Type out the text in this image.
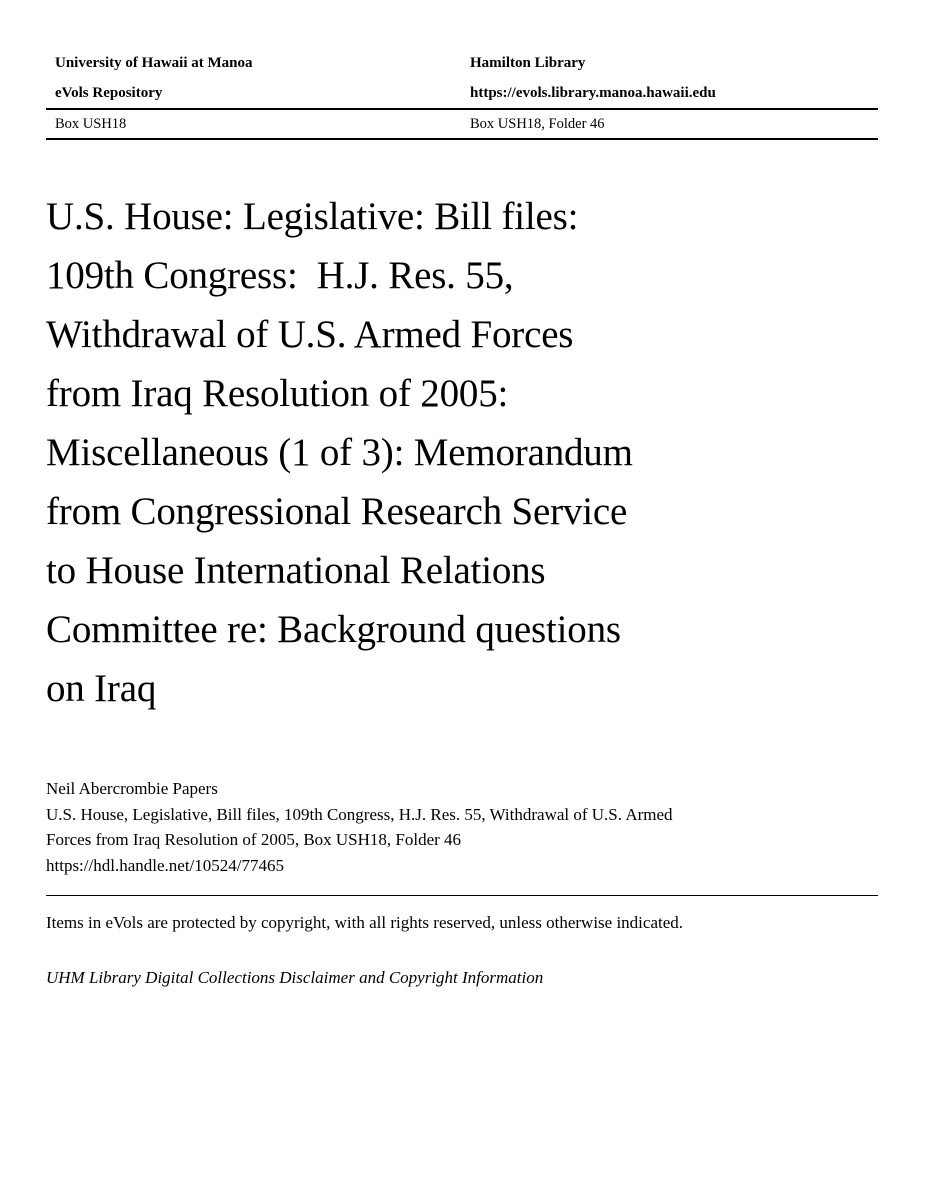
University of Hawaii at Manoa	Hamilton Library
eVols Repository	https://evols.library.manoa.hawaii.edu
Box USH18	Box USH18, Folder 46
U.S. House: Legislative: Bill files:
109th Congress:  H.J. Res. 55,
Withdrawal of U.S. Armed Forces
from Iraq Resolution of 2005:
Miscellaneous (1 of 3): Memorandum
from Congressional Research Service
to House International Relations
Committee re: Background questions
on Iraq
Neil Abercrombie Papers
U.S. House, Legislative, Bill files, 109th Congress, H.J. Res. 55, Withdrawal of U.S. Armed
Forces from Iraq Resolution of 2005, Box USH18, Folder 46
https://hdl.handle.net/10524/77465
Items in eVols are protected by copyright, with all rights reserved, unless otherwise indicated.
UHM Library Digital Collections Disclaimer and Copyright Information
